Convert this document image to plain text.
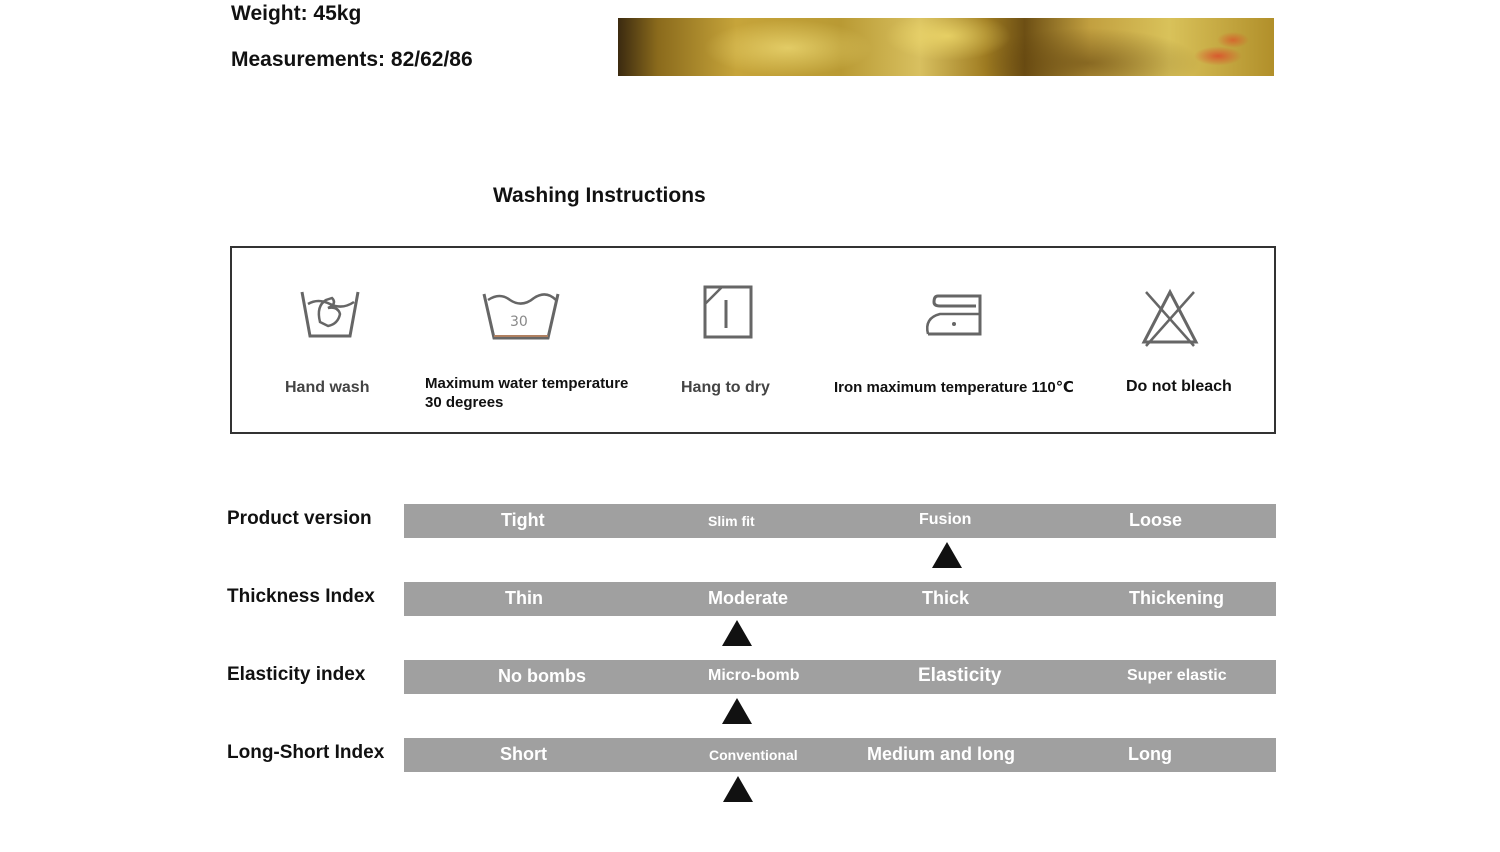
Weight: 45kg
Measurements: 82/62/86
Washing Instructions
Hand wash
30
Maximum water temperature 30 degrees
Hang to dry	Iron maximum temperature 110℃	Do not bleach
Product version	Tight	Slim fit	Fusion	Loose
Thickness Index	Thin	Moderate	Thick	Thickening
Elasticity index	No bombs	Micro-bomb	Elasticity	Super elastic
Long-Short Index	Short	Conventional	Medium and long	Long
